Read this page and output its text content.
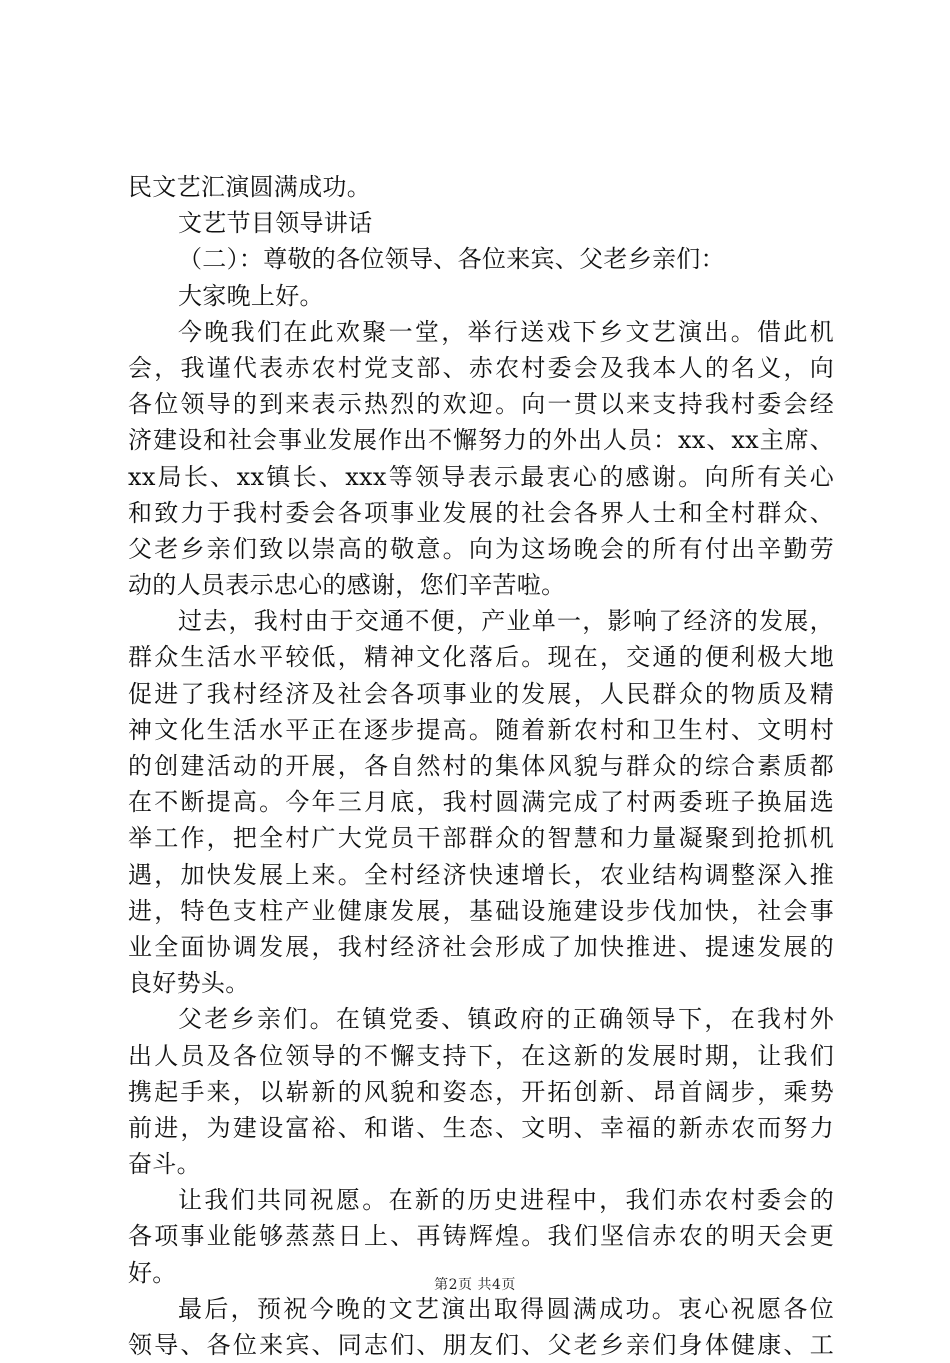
民文艺汇演圆满成功。
文艺节目领导讲话
（二）：尊敬的各位领导、各位来宾、父老乡亲们：
大家晚上好。
今晚我们在此欢聚一堂，举行送戏下乡文艺演出。借此机
会，我谨代表赤农村党支部、赤农村委会及我本人的名义，向
各位领导的到来表示热烈的欢迎。向一贯以来支持我村委会经
济建设和社会事业发展作出不懈努力的外出人员：xx、xx主席、
xx局长、xx镇长、xxx等领导表示最衷心的感谢。向所有关心
和致力于我村委会各项事业发展的社会各界人士和全村群众、
父老乡亲们致以崇高的敬意。向为这场晚会的所有付出辛勤劳
动的人员表示忠心的感谢，您们辛苦啦。
过去，我村由于交通不便，产业单一，影响了经济的发展，
群众生活水平较低，精神文化落后。现在，交通的便利极大地
促进了我村经济及社会各项事业的发展，人民群众的物质及精
神文化生活水平正在逐步提高。随着新农村和卫生村、文明村
的创建活动的开展，各自然村的集体风貌与群众的综合素质都
在不断提高。今年三月底，我村圆满完成了村两委班子换届选
举工作，把全村广大党员干部群众的智慧和力量凝聚到抢抓机
遇，加快发展上来。全村经济快速增长，农业结构调整深入推
进，特色支柱产业健康发展，基础设施建设步伐加快，社会事
业全面协调发展，我村经济社会形成了加快推进、提速发展的
良好势头。
父老乡亲们。在镇党委、镇政府的正确领导下，在我村外
出人员及各位领导的不懈支持下，在这新的发展时期，让我们
携起手来，以崭新的风貌和姿态，开拓创新、昂首阔步，乘势
前进，为建设富裕、和谐、生态、文明、幸福的新赤农而努力
奋斗。
让我们共同祝愿。在新的历史进程中，我们赤农村委会的
各项事业能够蒸蒸日上、再铸辉煌。我们坚信赤农的明天会更
好。
最后，预祝今晚的文艺演出取得圆满成功。衷心祝愿各位
领导、各位来宾、同志们、朋友们、父老乡亲们身体健康、工
第2页 共4页
